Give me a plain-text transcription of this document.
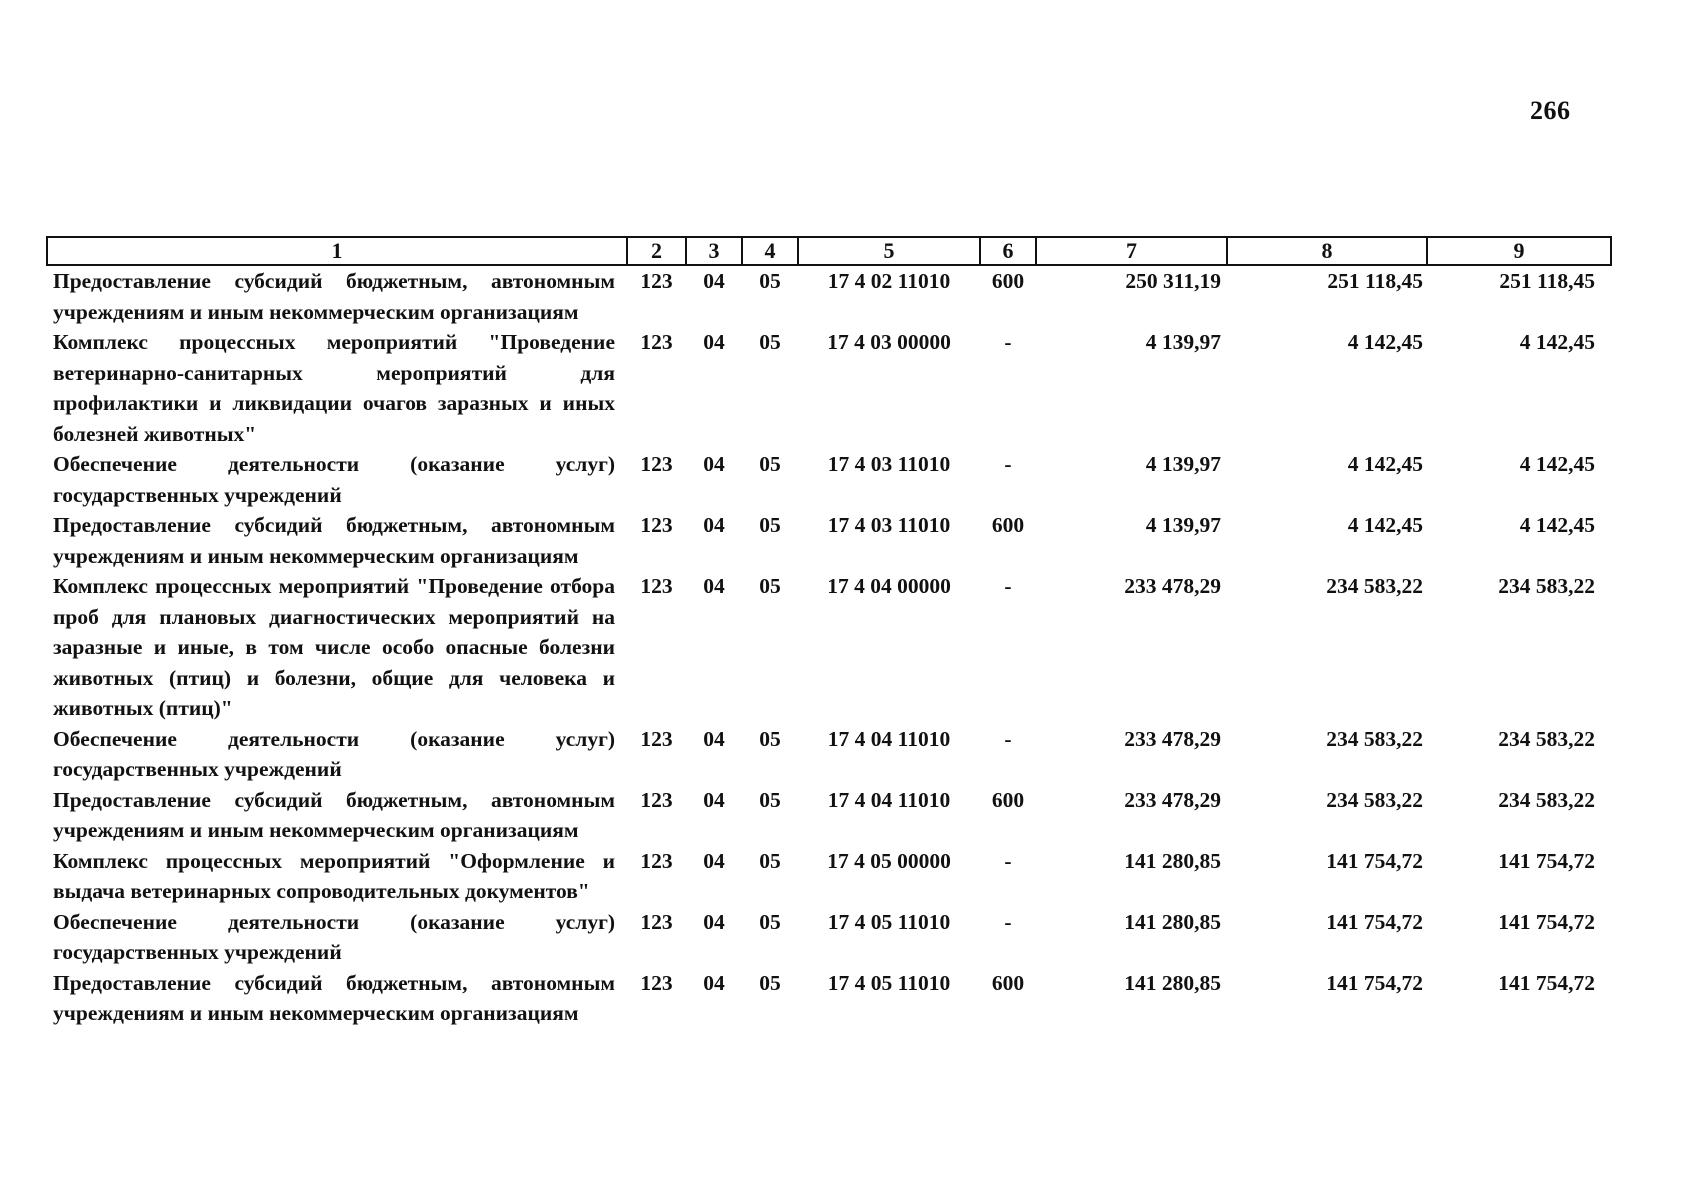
266
1	2	3	4	5	6	7	8	9
Предоставление субсидий бюджетным, автономным учреждениям и иным некоммерческим организациям	123	04	05	17 4 02 11010	600	250 311,19	251 118,45	251 118,45
Комплекс процессных мероприятий "Проведение ветеринарно-санитарных мероприятий для профилактики и ликвидации очагов заразных и иных болезней животных"	123	04	05	17 4 03 00000	-	4 139,97	4 142,45	4 142,45
Обеспечение деятельности (оказание услуг) государственных учреждений	123	04	05	17 4 03 11010	-	4 139,97	4 142,45	4 142,45
Предоставление субсидий бюджетным, автономным учреждениям и иным некоммерческим организациям	123	04	05	17 4 03 11010	600	4 139,97	4 142,45	4 142,45
Комплекс процессных мероприятий "Проведение отбора проб для плановых диагностических мероприятий на заразные и иные, в том числе особо опасные болезни животных (птиц) и болезни, общие для человека и животных (птиц)"	123	04	05	17 4 04 00000	-	233 478,29	234 583,22	234 583,22
Обеспечение деятельности (оказание услуг) государственных учреждений	123	04	05	17 4 04 11010	-	233 478,29	234 583,22	234 583,22
Предоставление субсидий бюджетным, автономным учреждениям и иным некоммерческим организациям	123	04	05	17 4 04 11010	600	233 478,29	234 583,22	234 583,22
Комплекс процессных мероприятий "Оформление и выдача ветеринарных сопроводительных документов"	123	04	05	17 4 05 00000	-	141 280,85	141 754,72	141 754,72
Обеспечение деятельности (оказание услуг) государственных учреждений	123	04	05	17 4 05 11010	-	141 280,85	141 754,72	141 754,72
Предоставление субсидий бюджетным, автономным учреждениям и иным некоммерческим организациям	123	04	05	17 4 05 11010	600	141 280,85	141 754,72	141 754,72
